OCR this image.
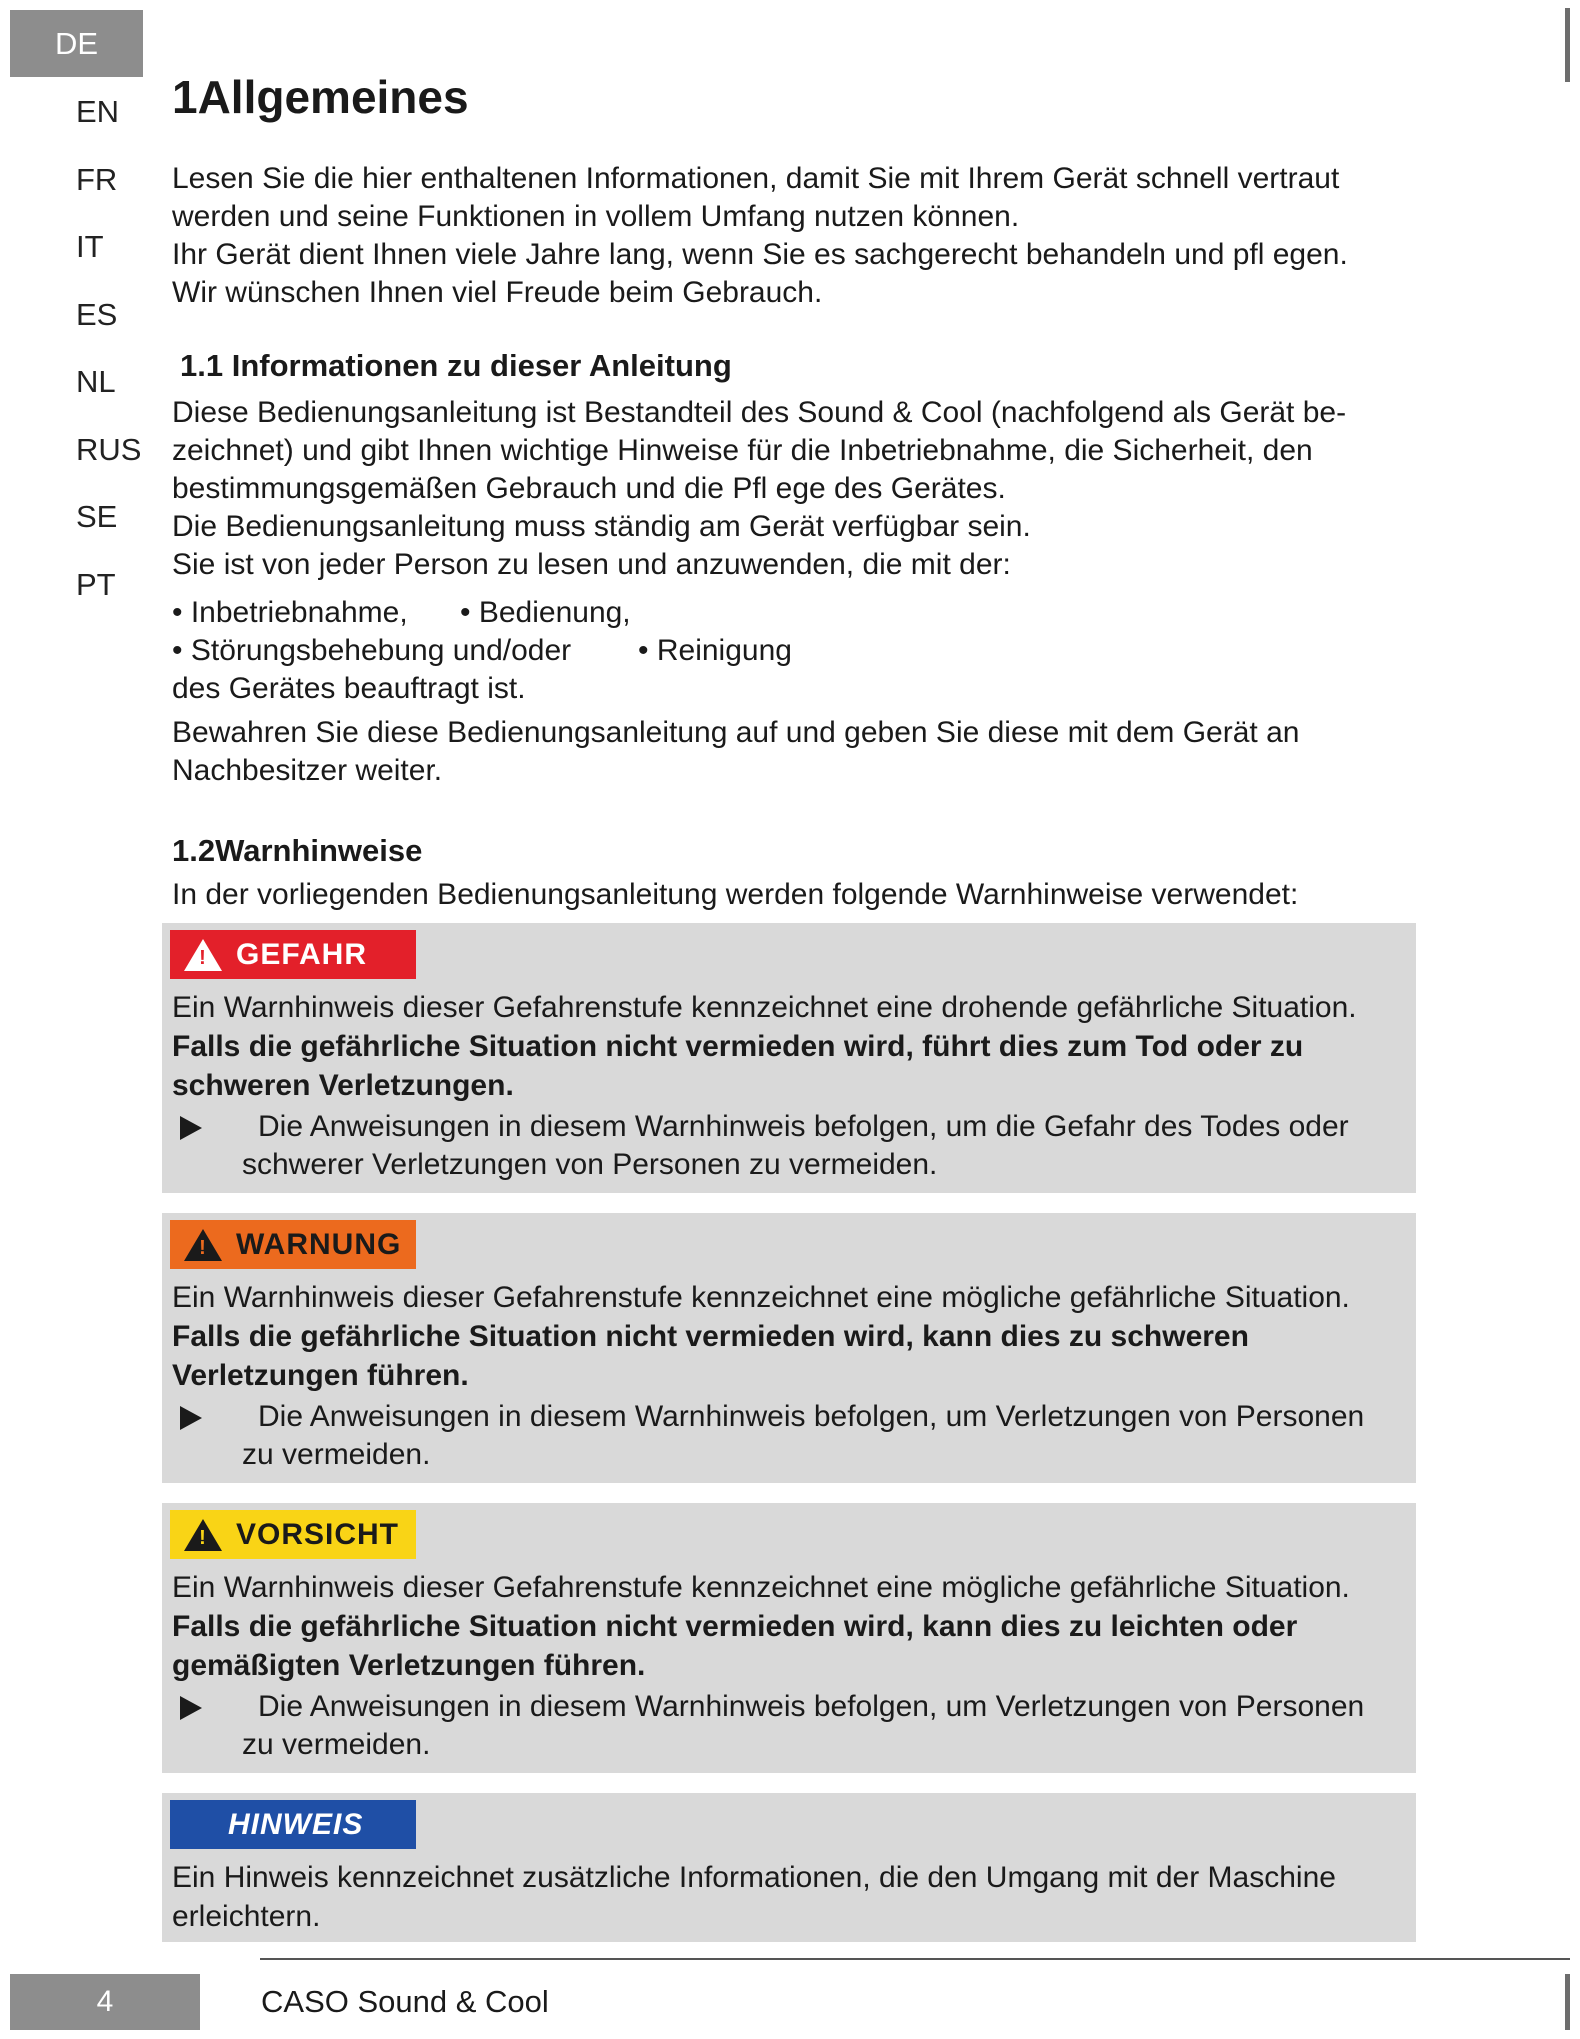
DE
EN
FR
IT
ES
NL
RUS
SE
PT
1Allgemeines
Lesen Sie die hier enthaltenen Informationen, damit Sie mit Ihrem Gerät schnell vertraut
werden und seine Funktionen in vollem Umfang nutzen können.
Ihr Gerät dient Ihnen viele Jahre lang, wenn Sie es sachgerecht behandeln und pfl egen.
Wir wünschen Ihnen viel Freude beim Gebrauch.
1.1 Informationen zu dieser Anleitung
Diese Bedienungsanleitung ist Bestandteil des Sound & Cool (nachfolgend als Gerät be-
zeichnet) und gibt Ihnen wichtige Hinweise für die Inbetriebnahme, die Sicherheit, den
bestimmungsgemäßen Gebrauch und die Pfl ege des Gerätes.
Die Bedienungsanleitung muss ständig am Gerät verfügbar sein.
Sie ist von jeder Person zu lesen und anzuwenden, die mit der:
• Inbetriebnahme,	• Bedienung,
• Störungsbehebung und/oder	• Reinigung
des Gerätes beauftragt ist.
Bewahren Sie diese Bedienungsanleitung auf und geben Sie diese mit dem Gerät an
Nachbesitzer weiter.
1.2Warnhinweise
In der vorliegenden Bedienungsanleitung werden folgende Warnhinweise verwendet:
! GEFAHR
Ein Warnhinweis dieser Gefahrenstufe kennzeichnet eine drohende gefährliche Situation.
Falls die gefährliche Situation nicht vermieden wird, führt dies zum Tod oder zu
schweren Verletzungen.
Die Anweisungen in diesem Warnhinweis befolgen, um die Gefahr des Todes oder
schwerer Verletzungen von Personen zu vermeiden.
! WARNUNG
Ein Warnhinweis dieser Gefahrenstufe kennzeichnet eine mögliche gefährliche Situation.
Falls die gefährliche Situation nicht vermieden wird, kann dies zu schweren
Verletzungen führen.
Die Anweisungen in diesem Warnhinweis befolgen, um Verletzungen von Personen
zu vermeiden.
! VORSICHT
Ein Warnhinweis dieser Gefahrenstufe kennzeichnet eine mögliche gefährliche Situation.
Falls die gefährliche Situation nicht vermieden wird, kann dies zu leichten oder
gemäßigten Verletzungen führen.
Die Anweisungen in diesem Warnhinweis befolgen, um Verletzungen von Personen
zu vermeiden.
HINWEIS
Ein Hinweis kennzeichnet zusätzliche Informationen, die den Umgang mit der Maschine
erleichtern.
4	CASO Sound & Cool
